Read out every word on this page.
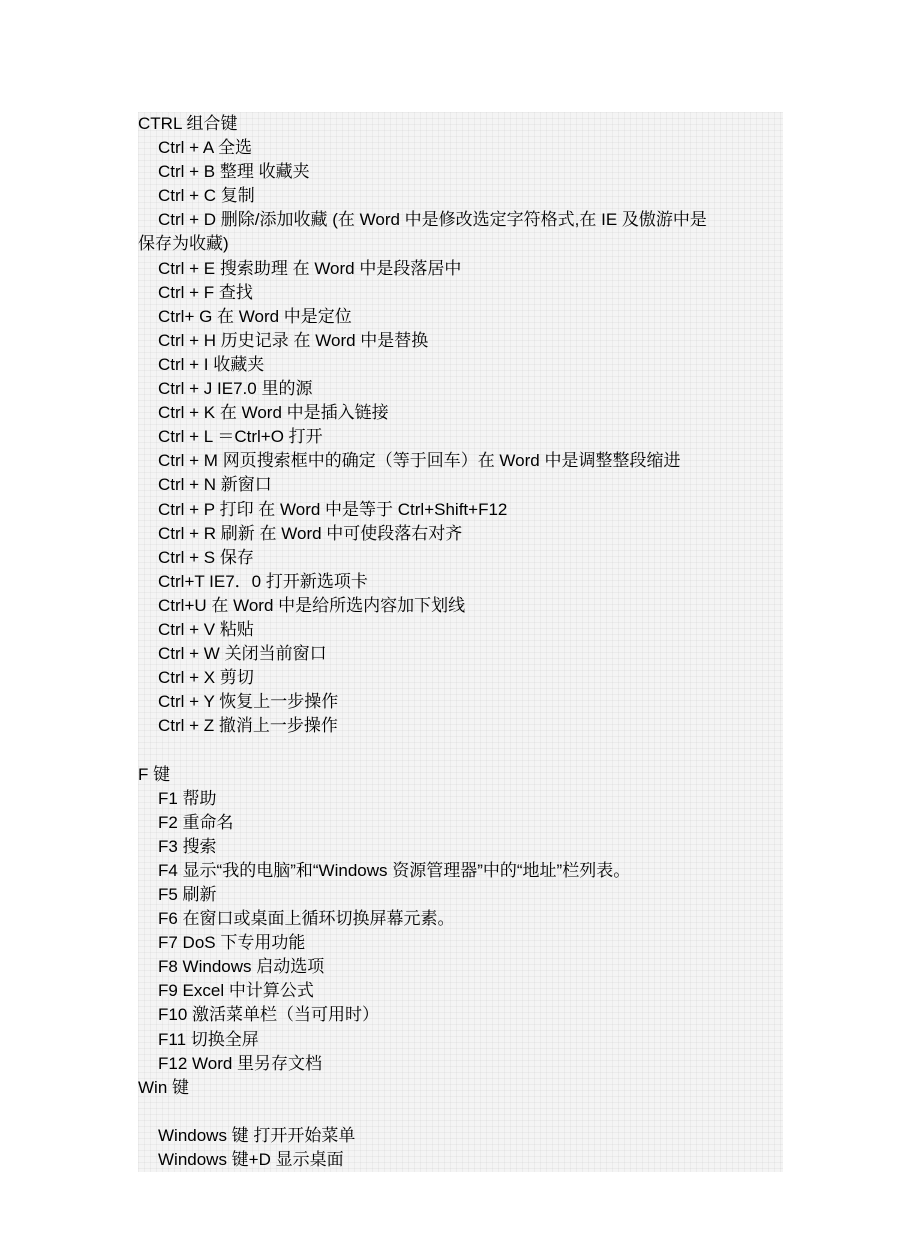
CTRL 组合键
Ctrl + A 全选
Ctrl + B 整理 收藏夹
Ctrl + C 复制
Ctrl + D 删除/添加收藏 (在 Word 中是修改选定字符格式,在 IE 及傲游中是
保存为收藏)
Ctrl + E 搜索助理 在 Word 中是段落居中
Ctrl + F 查找
Ctrl+ G 在 Word 中是定位
Ctrl + H 历史记录 在 Word 中是替换
Ctrl + I 收藏夹
Ctrl + J IE7.0 里的源
Ctrl + K 在 Word 中是插入链接
Ctrl + L ＝Ctrl+O 打开
Ctrl + M 网页搜索框中的确定（等于回车）在 Word 中是调整整段缩进
Ctrl + N 新窗口
Ctrl + P 打印 在 Word 中是等于 Ctrl+Shift+F12
Ctrl + R 刷新 在 Word 中可使段落右对齐
Ctrl + S 保存
Ctrl+T IE7．0 打开新选项卡
Ctrl+U 在 Word 中是给所选内容加下划线
Ctrl + V 粘贴
Ctrl + W 关闭当前窗口
Ctrl + X 剪切
Ctrl + Y 恢复上一步操作
Ctrl + Z 撤消上一步操作
F 键
F1 帮助
F2 重命名
F3 搜索
F4 显示“我的电脑”和“Windows 资源管理器”中的“地址”栏列表。
F5 刷新
F6 在窗口或桌面上循环切换屏幕元素。
F7 DoS 下专用功能
F8 Windows 启动选项
F9 Excel 中计算公式
F10 激活菜单栏（当可用时）
F11 切换全屏
F12 Word 里另存文档
Win 键
Windows 键 打开开始菜单
Windows 键+D 显示桌面
